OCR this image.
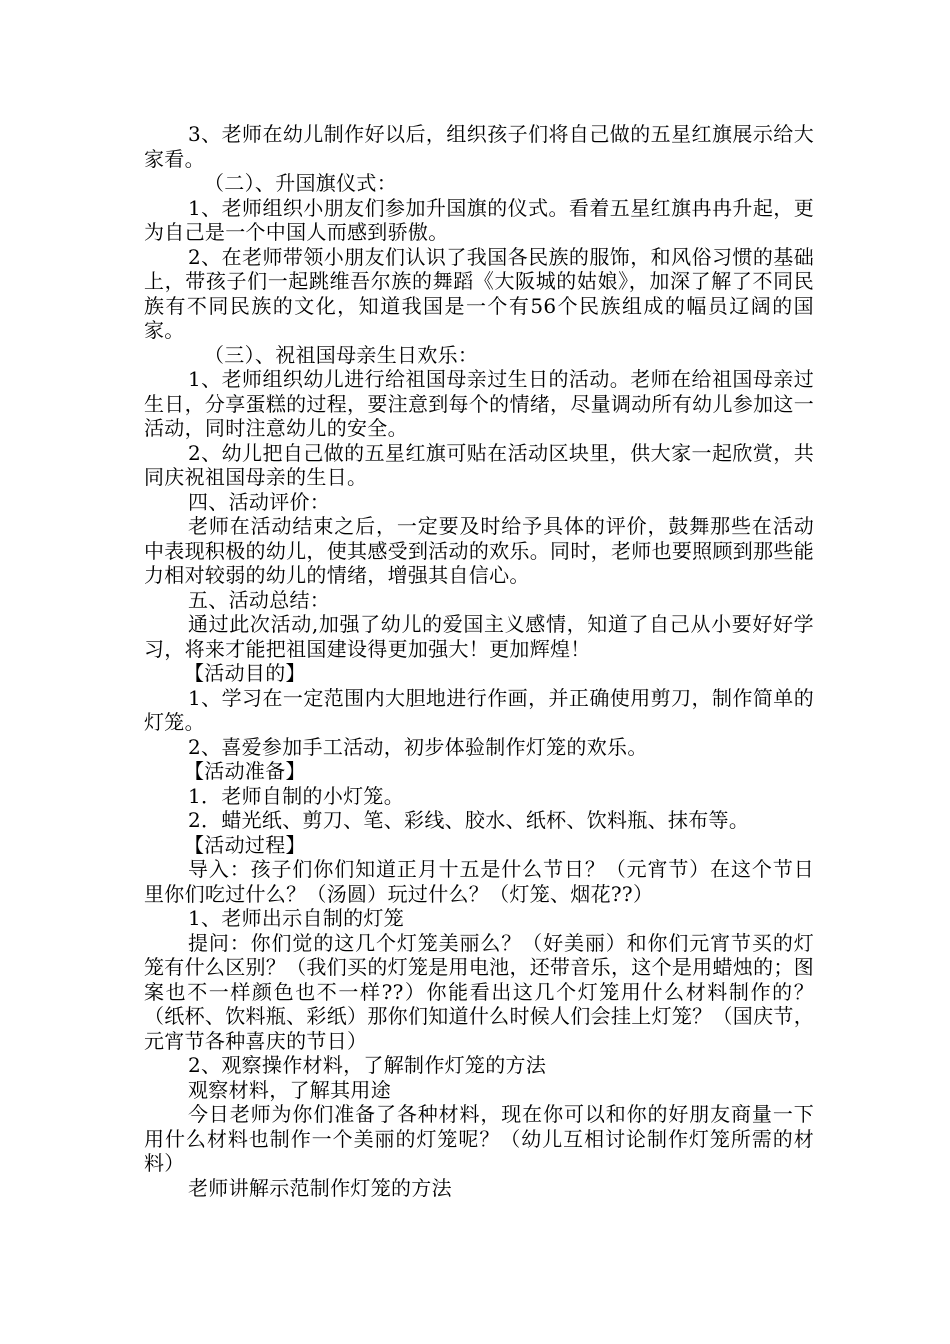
3、老师在幼儿制作好以后，组织孩子们将自己做的五星红旗展示给大家看。

（二）、升国旗仪式：

1、老师组织小朋友们参加升国旗的仪式。看着五星红旗冉冉升起，更为自己是一个中国人而感到骄傲。

2、在老师带领小朋友们认识了我国各民族的服饰，和风俗习惯的基础上，带孩子们一起跳维吾尔族的舞蹈《大阪城的姑娘》，加深了解了不同民族有不同民族的文化，知道我国是一个有56个民族组成的幅员辽阔的国家。

（三）、祝祖国母亲生日欢乐：

1、老师组织幼儿进行给祖国母亲过生日的活动。老师在给祖国母亲过生日，分享蛋糕的过程，要注意到每个的情绪，尽量调动所有幼儿参加这一活动，同时注意幼儿的安全。

2、幼儿把自己做的五星红旗可贴在活动区块里，供大家一起欣赏，共同庆祝祖国母亲的生日。

四、活动评价：

老师在活动结束之后，一定要及时给予具体的评价，鼓舞那些在活动中表现积极的幼儿，使其感受到活动的欢乐。同时，老师也要照顾到那些能力相对较弱的幼儿的情绪，增强其自信心。

五、活动总结：

通过此次活动,加强了幼儿的爱国主义感情，知道了自己从小要好好学习，将来才能把祖国建设得更加强大！更加辉煌！

【活动目的】

1、学习在一定范围内大胆地进行作画，并正确使用剪刀，制作简单的灯笼。

2、喜爱参加手工活动，初步体验制作灯笼的欢乐。

【活动准备】

1．老师自制的小灯笼。

2．蜡光纸、剪刀、笔、彩线、胶水、纸杯、饮料瓶、抹布等。

【活动过程】

导入：孩子们你们知道正月十五是什么节日？（元宵节）在这个节日里你们吃过什么？（汤圆）玩过什么？（灯笼、烟花??）

1、老师出示自制的灯笼

提问：你们觉的这几个灯笼美丽么？（好美丽）和你们元宵节买的灯笼有什么区别？（我们买的灯笼是用电池，还带音乐，这个是用蜡烛的；图案也不一样颜色也不一样??）你能看出这几个灯笼用什么材料制作的？（纸杯、饮料瓶、彩纸）那你们知道什么时候人们会挂上灯笼？（国庆节，元宵节各种喜庆的节日）

2、观察操作材料，了解制作灯笼的方法

观察材料，了解其用途

今日老师为你们准备了各种材料，现在你可以和你的好朋友商量一下用什么材料也制作一个美丽的灯笼呢？（幼儿互相讨论制作灯笼所需的材料）

老师讲解示范制作灯笼的方法
